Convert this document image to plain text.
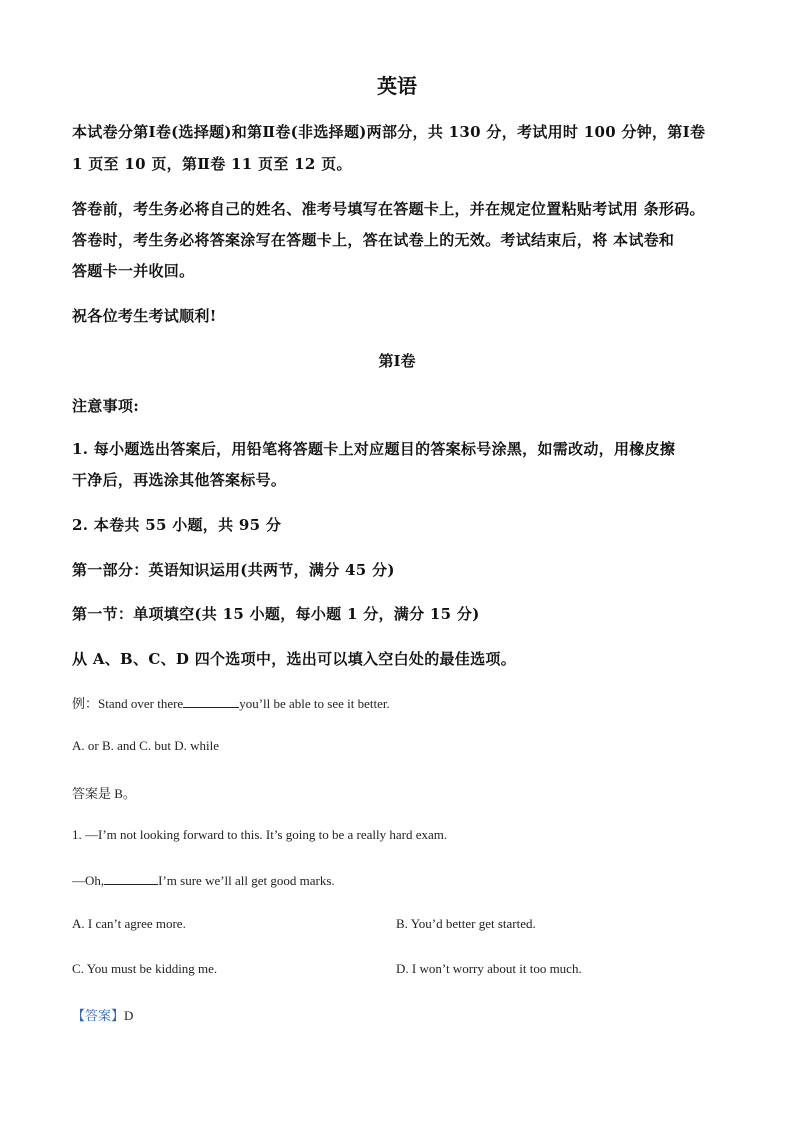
英语
本试卷分第Ⅰ卷(选择题)和第Ⅱ卷(非选择题)两部分，共 130 分，考试用时 100 分钟，第Ⅰ卷
1 页至 10 页，第Ⅱ卷 11 页至 12 页。
答卷前，考生务必将自己的姓名、准考号填写在答题卡上，并在规定位置粘贴考试用 条形码。
答卷时，考生务必将答案涂写在答题卡上，答在试卷上的无效。考试结束后，将 本试卷和
答题卡一并收回。
祝各位考生考试顺利!
第Ⅰ卷
注意事项:
1. 每小题选出答案后，用铅笔将答题卡上对应题目的答案标号涂黑，如需改动，用橡皮擦
干净后，再选涂其他答案标号。
2. 本卷共 55 小题，共 95 分
第一部分：英语知识运用(共两节，满分 45 分)
第一节：单项填空(共 15 小题，每小题 1 分，满分 15 分)
从 A、B、C、D 四个选项中，选出可以填入空白处的最佳选项。
例：Stand over there	you’ll be able to see it better.
A. or B. and C. but D. while
答案是 B。
1. —I’m not looking forward to this. It’s going to be a really hard exam.
—Oh,	I’m sure we’ll all get good marks.
A. I can’t agree more.	B. You’d better get started.
C. You must be kidding me.	D. I won’t worry about it too much.
【答案】D
